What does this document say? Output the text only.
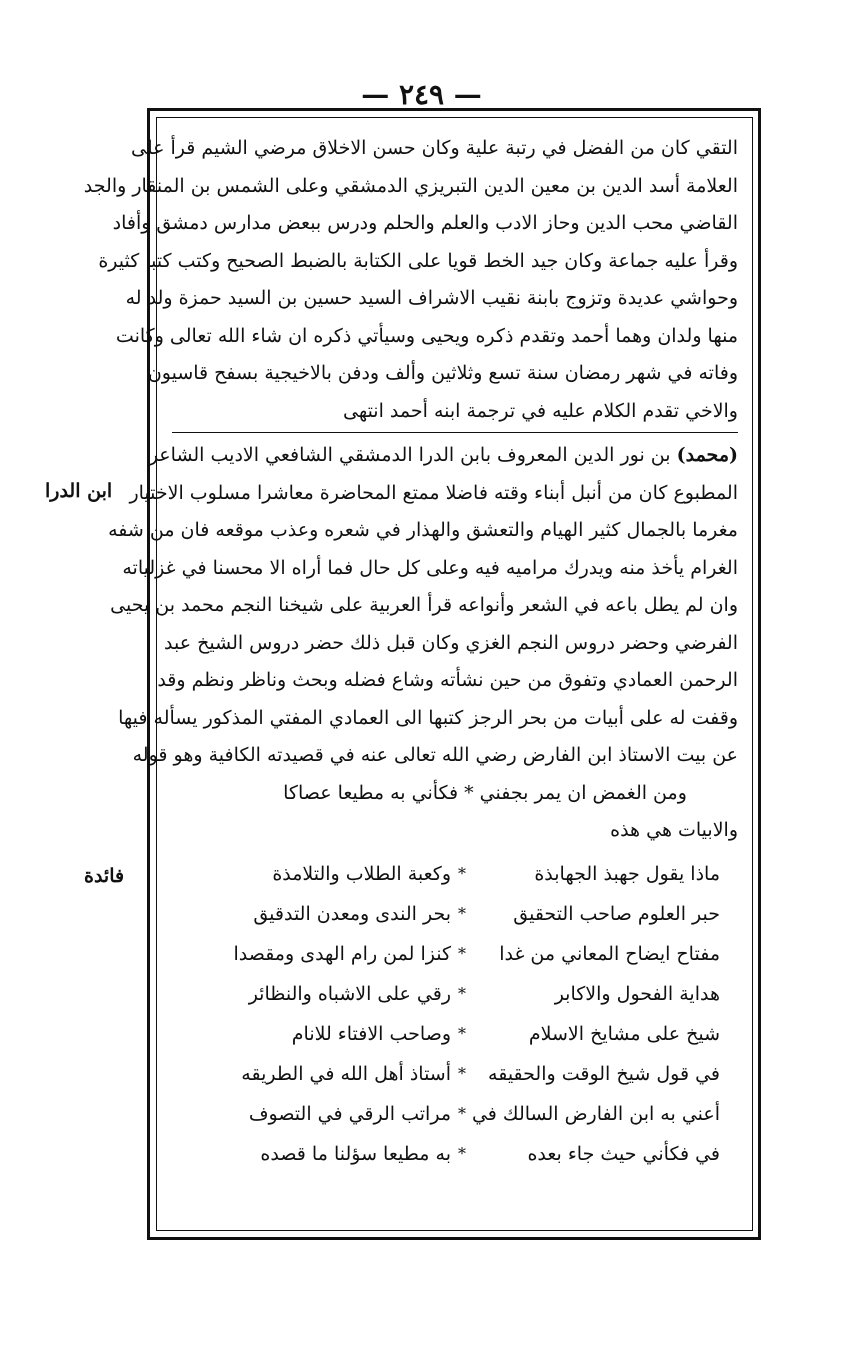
— ٢٤٩ —
ابن الدرا
فائدة
التقي كان من الفضل في رتبة علية وكان حسن الاخلاق مرضي الشيم قرأ على
العلامة أسد الدين بن معين الدين التبريزي الدمشقي وعلى الشمس بن المنقار والجد
القاضي محب الدين وحاز الادب والعلم والحلم ودرس ببعض مدارس دمشق وأفاد
وقرأ عليه جماعة وكان جيد الخط قويا على الكتابة بالضبط الصحيح وكتب كتبا كثيرة
وحواشي عديدة وتزوج بابنة نقيب الاشراف السيد حسين بن السيد حمزة ولد له
منها ولدان وهما أحمد وتقدم ذكره ويحيى وسيأتي ذكره ان شاء الله تعالى وكانت
وفاته في شهر رمضان سنة تسع وثلاثين وألف ودفن بالاخيجية بسفح قاسيون
والاخي تقدم الكلام عليه في ترجمة ابنه أحمد انتهى
(محمد) بن نور الدين المعروف بابن الدرا الدمشقي الشافعي الاديب الشاعر
المطبوع كان من أنبل أبناء وقته فاضلا ممتع المحاضرة معاشرا مسلوب الاختيار
مغرما بالجمال كثير الهيام والتعشق والهذار في شعره وعذب موقعه فان من شفه
الغرام يأخذ منه ويدرك مراميه فيه وعلى كل حال فما أراه الا محسنا في غزلياته
وان لم يطل باعه في الشعر وأنواعه قرأ العربية على شيخنا النجم محمد بن يحيى
الفرضي وحضر دروس النجم الغزي وكان قبل ذلك حضر دروس الشيخ عبد
الرحمن العمادي وتفوق من حين نشأته وشاع فضله وبحث وناظر ونظم وقد
وقفت له على أبيات من بحر الرجز كتبها الى العمادي المفتي المذكور يسأله فيها
عن بيت الاستاذ ابن الفارض رضي الله تعالى عنه في قصيدته الكافية وهو قوله
ومن الغمض ان يمر بجفني * فكأني به مطيعا عصاكا
والابيات هي هذه
ماذا يقول جهبذ الجهابذة
*
وكعبة الطلاب والتلامذة
حبر العلوم صاحب التحقيق
*
بحر الندى ومعدن التدقيق
مفتاح ايضاح المعاني من غدا
*
كنزا لمن رام الهدى ومقصدا
هداية الفحول والاكابر
*
رقي على الاشباه والنظائر
شيخ على مشايخ الاسلام
*
وصاحب الافتاء للانام
في قول شيخ الوقت والحقيقه
*
أستاذ أهل الله في الطريقه
أعني به ابن الفارض السالك في
*
مراتب الرقي في التصوف
في فكأني حيث جاء بعده
*
به مطيعا سؤلنا ما قصده
